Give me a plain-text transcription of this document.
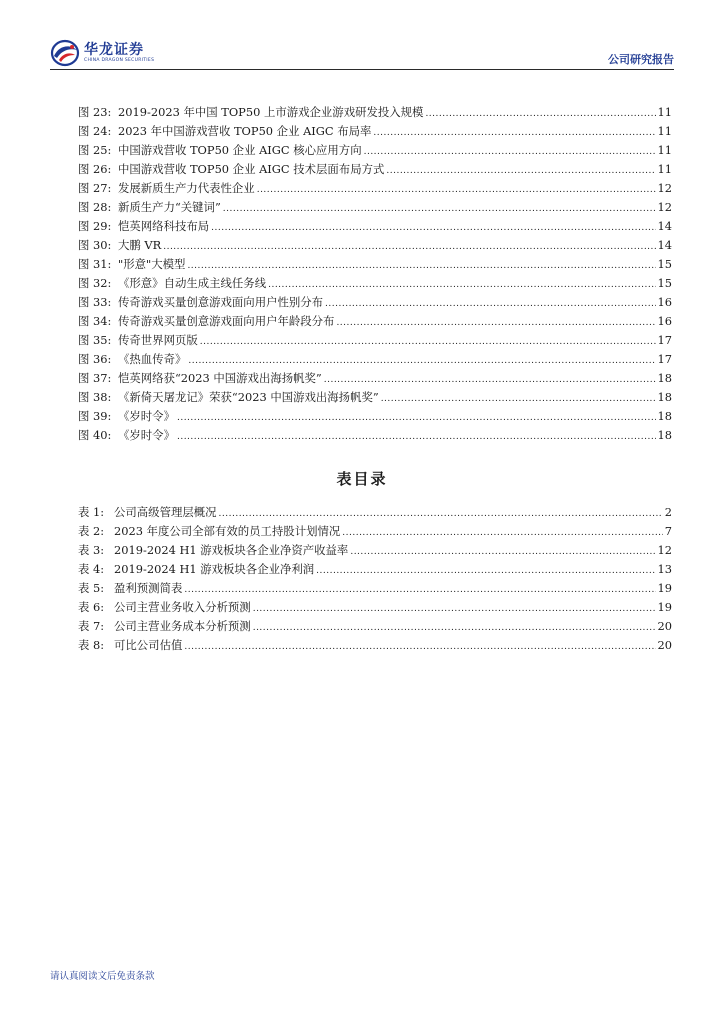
华龙证券
CHINA DRAGON SECURITIES	公司研究报告
图 23: 2019-2023 年中国 TOP50 上市游戏企业游戏研发投入规模 .....	11
图 24: 2023 年中国游戏营收 TOP50 企业 AIGC 布局率 .....	11
图 25: 中国游戏营收 TOP50 企业 AIGC 核心应用方向 .....	11
图 26: 中国游戏营收 TOP50 企业 AIGC 技术层面布局方式 .....	11
图 27: 发展新质生产力代表性企业 .....	12
图 28: 新质生产力“关键词” .....	12
图 29: 恺英网络科技布局 .....	14
图 30: 大鹏 VR .....	14
图 31: "形意"大模型 .....	15
图 32: 《形意》自动生成主线任务线 .....	15
图 33: 传奇游戏买量创意游戏面向用户性别分布 .....	16
图 34: 传奇游戏买量创意游戏面向用户年龄段分布 .....	16
图 35: 传奇世界网页版 .....	17
图 36: 《热血传奇》 .....	17
图 37: 恺英网络获“2023 中国游戏出海扬帆奖” .....	18
图 38: 《新倚天屠龙记》荣获“2023 中国游戏出海扬帆奖” .....	18
图 39: 《岁时令》 .....	18
图 40: 《岁时令》 .....	18
表目录
表 1: 公司高级管理层概况 .....	2
表 2: 2023 年度公司全部有效的员工持股计划情况 .....	7
表 3: 2019-2024 H1 游戏板块各企业净资产收益率 .....	12
表 4: 2019-2024 H1 游戏板块各企业净利润 .....	13
表 5: 盈利预测简表 .....	19
表 6: 公司主营业务收入分析预测 .....	19
表 7: 公司主营业务成本分析预测 .....	20
表 8: 可比公司估值 .....	20
请认真阅读文后免责条款
